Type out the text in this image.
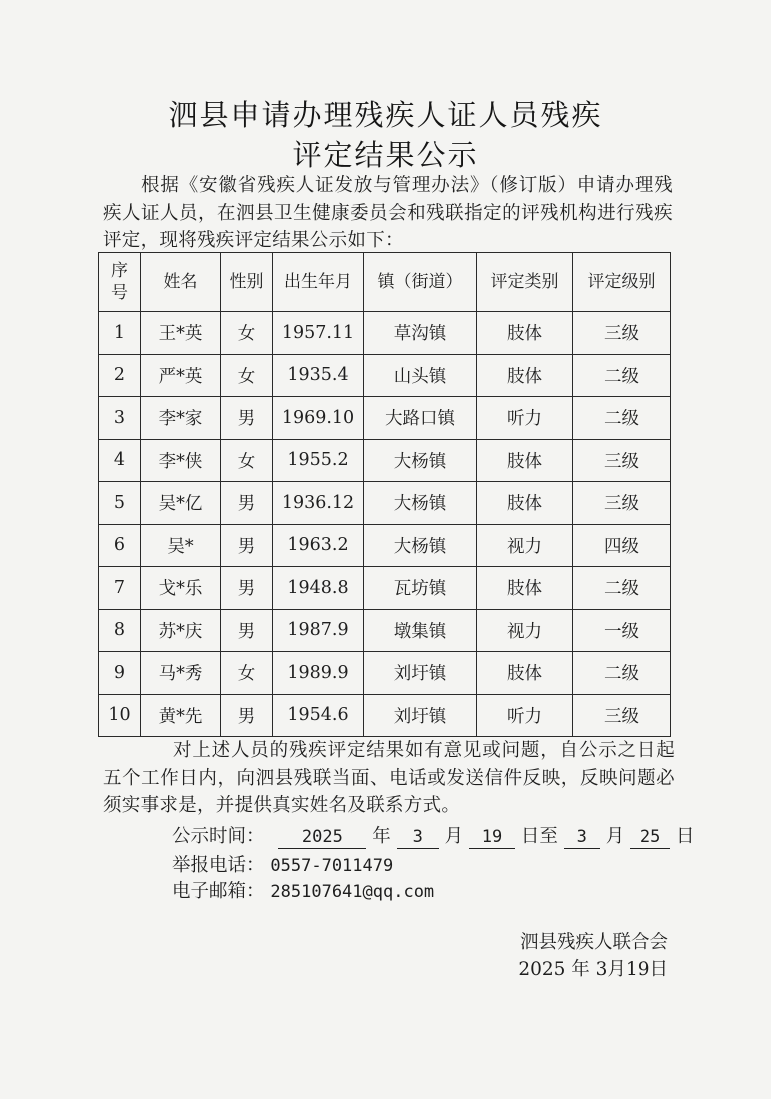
泗县申请办理残疾人证人员残疾
评定结果公示
根据《安徽省残疾人证发放与管理办法》（修订版）申请办理残疾人证人员，在泗县卫生健康委员会和残联指定的评残机构进行残疾评定，现将残疾评定结果公示如下：
序号	姓名	性别	出生年月	镇（街道）	评定类别	评定级别
1	王*英	女	1957.11	草沟镇	肢体	三级
2	严*英	女	1935.4	山头镇	肢体	二级
3	李*家	男	1969.10	大路口镇	听力	二级
4	李*侠	女	1955.2	大杨镇	肢体	三级
5	吴*亿	男	1936.12	大杨镇	肢体	三级
6	吴*	男	1963.2	大杨镇	视力	四级
7	戈*乐	男	1948.8	瓦坊镇	肢体	二级
8	苏*庆	男	1987.9	墩集镇	视力	一级
9	马*秀	女	1989.9	刘圩镇	肢体	二级
10	黄*先	男	1954.6	刘圩镇	听力	三级
对上述人员的残疾评定结果如有意见或问题，自公示之日起五个工作日内，向泗县残联当面、电话或发送信件反映，反映问题必须实事求是，并提供真实姓名及联系方式。
公示时间： 2025 年 3 月 19 日至 3 月 25 日
举报电话： 0557-7011479
电子邮箱： 285107641@qq.com
泗县残疾人联合会
2025 年 3月19日
